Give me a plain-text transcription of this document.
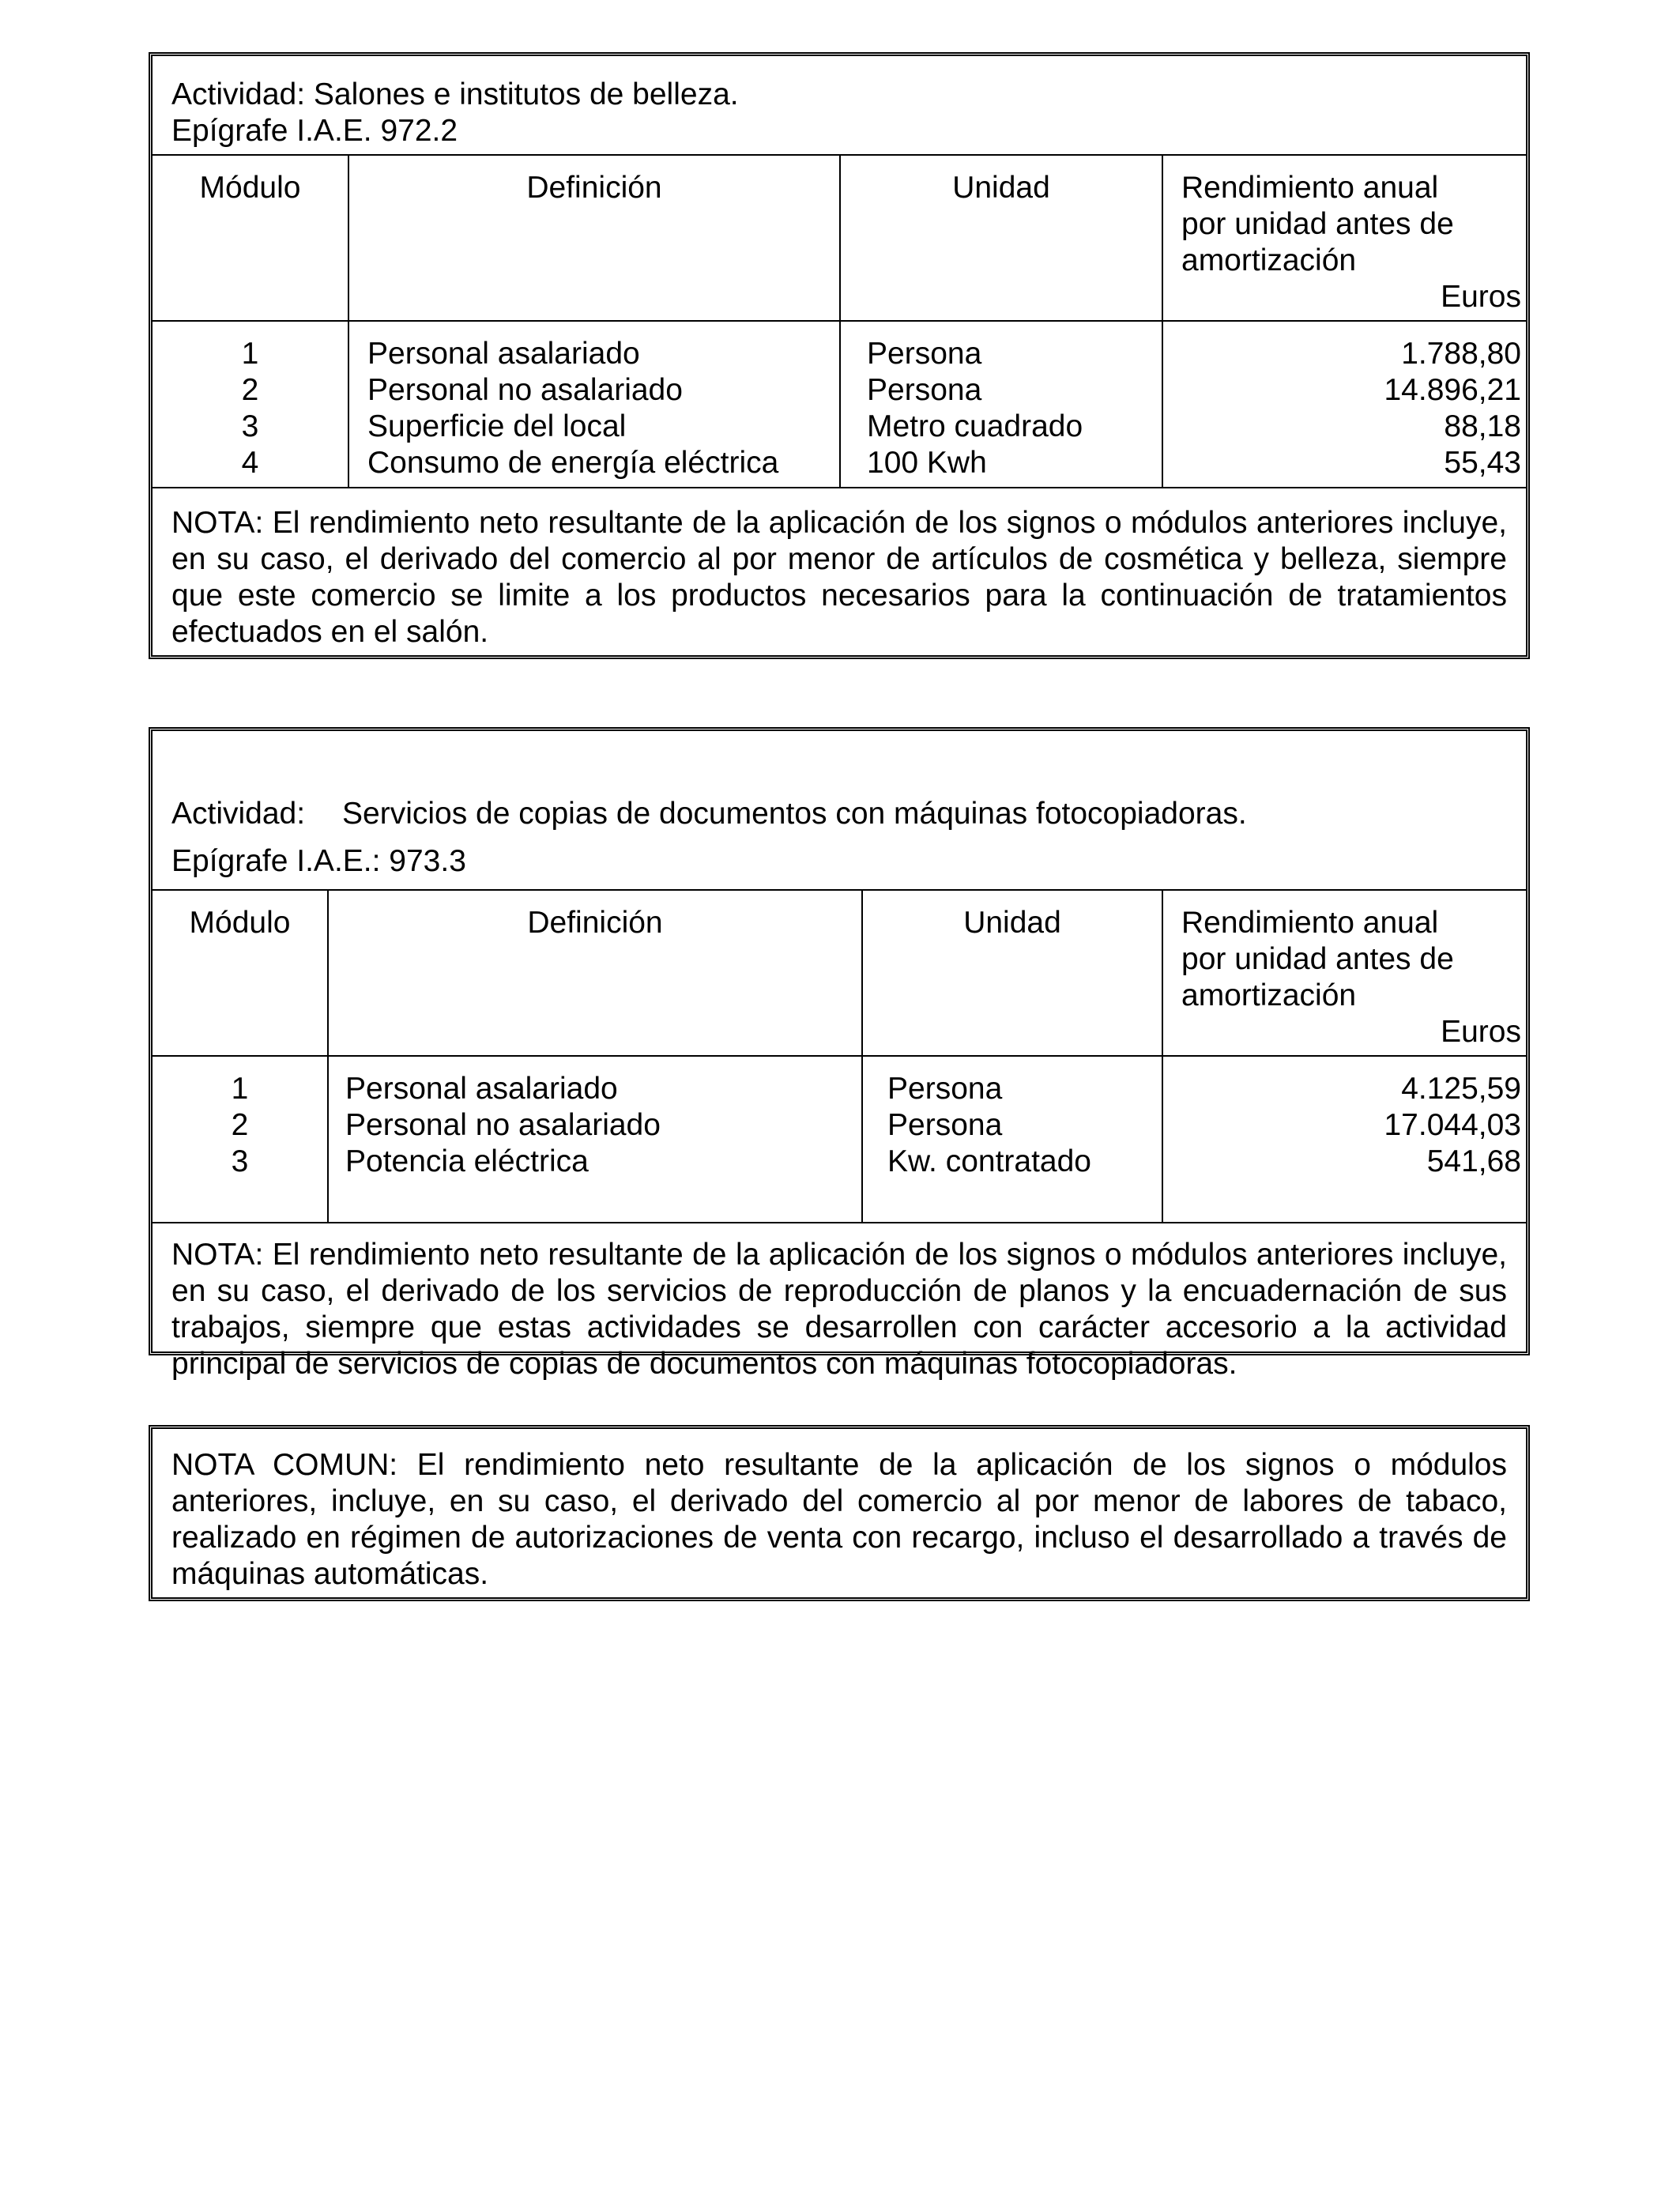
Actividad: Salones e institutos de belleza.
Epígrafe I.A.E. 972.2
Módulo	Definición	Unidad	Rendimiento anual
por unidad antes de
amortización
Euros
1	Personal asalariado	Persona	1.788,80
2	Personal no asalariado	Persona	14.896,21
3	Superficie del local	Metro cuadrado	88,18
4	Consumo de energía eléctrica	100 Kwh	55,43
NOTA: El rendimiento neto resultante de la aplicación de los signos o módulos anteriores incluye, en su caso, el derivado del comercio al por menor de artículos de cosmética y belleza, siempre que este comercio se limite a los productos necesarios para la continuación de tratamientos efectuados en el salón.
Actividad: Servicios de copias de documentos con máquinas fotocopiadoras.
Epígrafe I.A.E.: 973.3
Módulo	Definición	Unidad	Rendimiento anual
por unidad antes de
amortización
Euros
1	Personal asalariado	Persona	4.125,59
2	Personal no asalariado	Persona	17.044,03
3	Potencia eléctrica	Kw. contratado	541,68
NOTA: El rendimiento neto resultante de la aplicación de los signos o módulos anteriores incluye, en su caso, el derivado de los servicios de reproducción de planos y la encuadernación de sus trabajos, siempre que estas actividades se desarrollen con carácter accesorio a la actividad principal de servicios de copias de documentos con máquinas fotocopiadoras.
NOTA COMUN: El rendimiento neto resultante de la aplicación de los signos o módulos anteriores, incluye, en su caso, el derivado del comercio al por menor de labores de tabaco, realizado en régimen de autorizaciones de venta con recargo, incluso el desarrollado a través de máquinas automáticas.
